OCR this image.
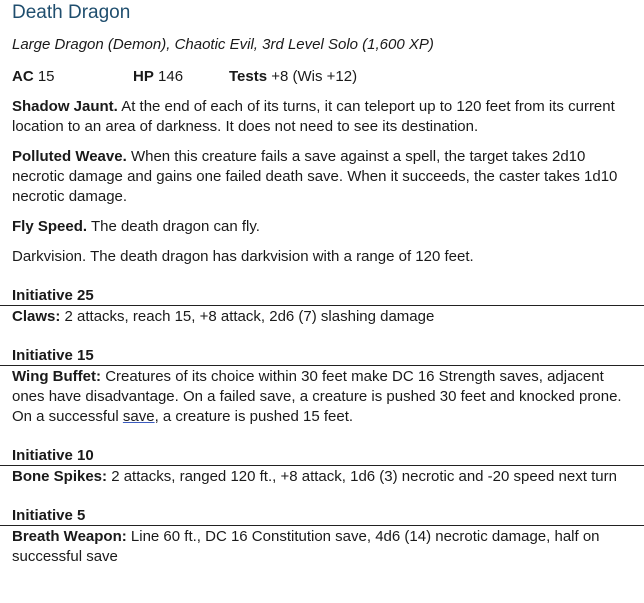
Death Dragon
Large Dragon (Demon), Chaotic Evil, 3rd Level Solo (1,600 XP)
AC 15	HP 146	Tests +8 (Wis +12)
Shadow Jaunt. At the end of each of its turns, it can teleport up to 120 feet from its current location to an area of darkness. It does not need to see its destination.
Polluted Weave. When this creature fails a save against a spell, the target takes 2d10 necrotic damage and gains one failed death save. When it succeeds, the caster takes 1d10 necrotic damage.
Fly Speed. The death dragon can fly.
Darkvision. The death dragon has darkvision with a range of 120 feet.
Initiative 25
Claws: 2 attacks, reach 15, +8 attack, 2d6 (7) slashing damage
Initiative 15
Wing Buffet: Creatures of its choice within 30 feet make DC 16 Strength saves, adjacent ones have disadvantage. On a failed save, a creature is pushed 30 feet and knocked prone. On a successful save, a creature is pushed 15 feet.
Initiative 10
Bone Spikes: 2 attacks, ranged 120 ft., +8 attack, 1d6 (3) necrotic and -20 speed next turn
Initiative 5
Breath Weapon: Line 60 ft., DC 16 Constitution save, 4d6 (14) necrotic damage, half on successful save
